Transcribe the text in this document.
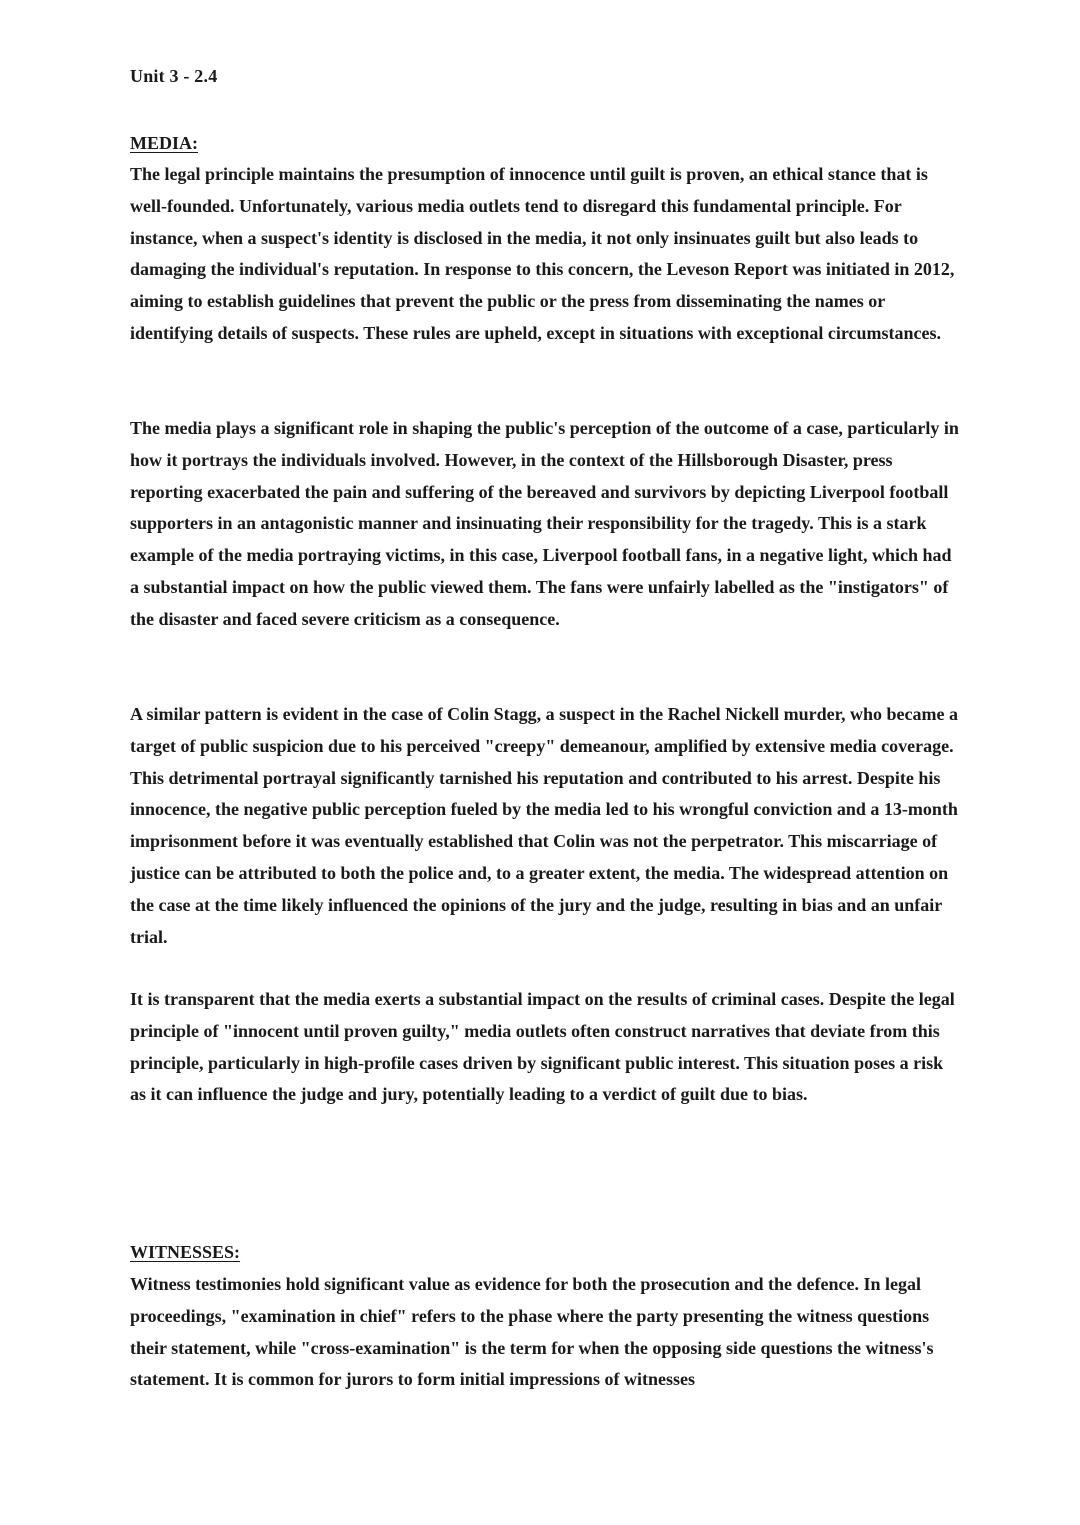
Unit 3 - 2.4

MEDIA:

The legal principle maintains the presumption of innocence until guilt is proven, an ethical stance that is well-founded. Unfortunately, various media outlets tend to disregard this fundamental principle. For instance, when a suspect's identity is disclosed in the media, it not only insinuates guilt but also leads to damaging the individual's reputation. In response to this concern, the Leveson Report was initiated in 2012, aiming to establish guidelines that prevent the public or the press from disseminating the names or identifying details of suspects. These rules are upheld, except in situations with exceptional circumstances.

The media plays a significant role in shaping the public's perception of the outcome of a case, particularly in how it portrays the individuals involved. However, in the context of the Hillsborough Disaster, press reporting exacerbated the pain and suffering of the bereaved and survivors by depicting Liverpool football supporters in an antagonistic manner and insinuating their responsibility for the tragedy. This is a stark example of the media portraying victims, in this case, Liverpool football fans, in a negative light, which had a substantial impact on how the public viewed them. The fans were unfairly labelled as the "instigators" of the disaster and faced severe criticism as a consequence.

A similar pattern is evident in the case of Colin Stagg, a suspect in the Rachel Nickell murder, who became a target of public suspicion due to his perceived "creepy" demeanour, amplified by extensive media coverage. This detrimental portrayal significantly tarnished his reputation and contributed to his arrest. Despite his innocence, the negative public perception fueled by the media led to his wrongful conviction and a 13-month imprisonment before it was eventually established that Colin was not the perpetrator. This miscarriage of justice can be attributed to both the police and, to a greater extent, the media. The widespread attention on the case at the time likely influenced the opinions of the jury and the judge, resulting in bias and an unfair trial.

It is transparent that the media exerts a substantial impact on the results of criminal cases. Despite the legal principle of "innocent until proven guilty," media outlets often construct narratives that deviate from this principle, particularly in high-profile cases driven by significant public interest. This situation poses a risk as it can influence the judge and jury, potentially leading to a verdict of guilt due to bias.

WITNESSES:

Witness testimonies hold significant value as evidence for both the prosecution and the defence. In legal proceedings, "examination in chief" refers to the phase where the party presenting the witness questions their statement, while "cross-examination" is the term for when the opposing side questions the witness's statement. It is common for jurors to form initial impressions of witnesses
